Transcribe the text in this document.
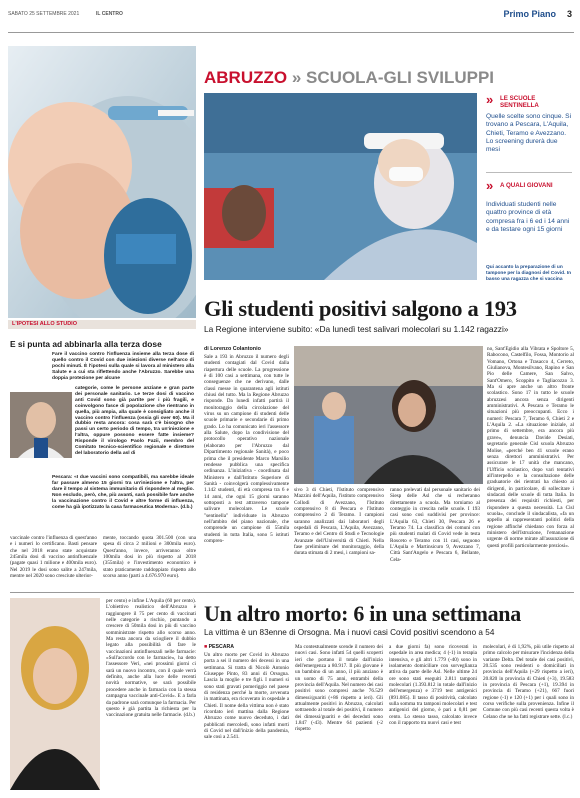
SABATO 25 SETTEMBRE 2021	IL CENTRO	Primo Piano 3
L'IPOTESI ALLO STUDIO
E si punta ad abbinarla alla terza dose
Fare il vaccino contro l'influenza insieme alla terza dose di quello contro il Covid con due iniezioni diverse nell'arco di pochi minuti. È l'ipotesi sulla quale si lavora al ministero alla Salute e a cui sta riflettendo anche l'Abruzzo. Sarebbe una doppia protezione per alcune
categorie, come le persone anziane e gran parte dei personale sanitario. Le terze dosi di vaccino anti Covid sono già partite per i più fragili, e coinvolgono fasce di popolazione che rientrano in quella, più ampia, alla quale è consigliato anche il vaccino contro l'influenza (ossia gli over 60). Ma il dubbio resta ancora: cosa sarà c'è bisogno che passi un certo periodo di tempo, tra un'iniezione e l'altra, oppure possono essere fatte insieme? Risponde il virologo Paolo Fazii, membro del Comitato tecnico-scientifico regionale e direttore del laboratorio della asl di
Pescara: «I due vaccini sono compatibili, ma sarebbe ideale far passare almeno 15 giorni tra un'iniezione e l'altra, per dare il tempo al sistema immunitario di rispondere al meglio. Non escludo, però, che, più avanti, sarà possibile fare anche la vaccinazione contro il Covid e altre forme di influenza, come ha già ipotizzato la casa farmaceutica Moderna». (d.b.)
vaccinale contro l'influenza di quest'anno e i numeri lo certificano. Basti pensare che nel 2018 erano state acquistate 245mila dosi di vaccino antinfluenzale (pagate quasi 1 milione e 400mila euro). Nel 2019 le dosi sono salite a 247mila, mentre nel 2020 sono cresciute ulterior-
mente, toccando quota 301.500 (con una spesa di circa 2 milioni e 300mila euro). Quest'anno, invece, arriveranno oltre 100mila dosi in più rispetto al 2018 (355mila) e l'investimento economico è stato praticamente raddoppiato rispetto allo scorso anno (parti a 4.676.970 euro).
ABRUZZO » SCUOLA-GLI SVILUPPI
» LE SCUOLE SENTINELLA
Quelle scelte sono cinque. Si trovano a Pescara, L'Aquila, Chieti, Teramo e Avezzano. Lo screening durerà due mesi
» A QUALI GIOVANI
Individuati studenti nelle quattro province di età compresa fra i 6 ed i 14 anni e da testare ogni 15 giorni
Qui accanto la preparazione di un tampone per la diagnosi del Covid. In basso una ragazza che si vaccina
Gli studenti positivi salgono a 193
La Regione interviene subito: «Da lunedì test salivari molecolari su 1.142 ragazzi»
di Lorenzo Colantonio
Sale a 193 in Abruzzo il numero degli studenti contagiati dal Covid dalla riapertura delle scuole. La progressione è di 100 casi a settimana, con tutte le conseguenze che ne derivano, dalle classi messe in quarantena agli istituti chiusi del tutto. Ma la Regione Abruzzo risponde. Da lunedì infatti partirà il monitoraggio della circolazione del virus su un campione di studenti delle scuole primarie e secondarie di primo grado. Lo ha comunicato ieri l'assessore alla Salute, dopo la condivisione del protocollo operativo nazionale (elaborato per l'Abruzzo dal Dipartimento regionale Sanità), e poco prima che il presidente Marco Marsilio rendesse pubblica una specifica ordinanza. L'iniziativa - coordinata dal Ministero e dall'Istituto Superiore di Sanità - coinvolgerà complessivamente 1.142 studenti, di età compresa tra 6 e 14 anni, che ogni 15 giorni saranno sottoposti a test attraverso tampone salivare molecolare. Le scuole "sentinella" individuate in Abruzzo nell'ambito del piano nazionale, che comprende un campione di 55mila studenti in tutta Italia, sono 5 istituti compren-
sivo 3 di Chieti, l'Istituto comprensivo Mazzini dell'Aquila, l'istituto comprensivo Collodi di Avezzano, l'Istituto comprensivo 8 di Pescara e l'Istituto comprensivo 2 di Teramo. I campioni saranno analizzati dai laboratori degli ospedali di Pescara, L'Aquila, Avezzano, Teramo e del Centro di Studi e Tecnologie Avanzate dell'Università di Chieti. Nella fase preliminare del monitoraggio, della durata stimata di 2 mesi, i campioni sa-
ranno prelevati dal personale sanitario dei Siesp delle Asl che si recheranno direttamente a scuola. Ma torniamo al conteggio in crescita nelle scuole. I 193 casi sono così suddivisi per province: L'Aquila 63, Chieti 30, Pescara 26 e Teramo 74. La classifica dei comuni con più studenti malati di Covid vede in testa Rosceto e Teramo con 11 casi, seguono L'Aquila e Martinsicuro 9, Avezzano 7, Città Sant'Angelo e Pescara 6, Bellante, Cela-
no, Sant'Egidio alla Vibrata e Spoltore 5, Rabocono, Castelfilo, Fossa, Montorio al Vomano, Ortona e Trasacco 4, Cerreto, Giulianova, Montesilvano, Rapino e San Pio delle Camere, San Salvo, Sant'Omero, Scoppito e Tagliacozzo 3. Ma si apre anche un altro fronte scolastico. Sono 17 in tutto le scuole abruzzesi ancora senza dirigenti amministrativi. A Pescara e Teramo le situazioni più preoccupanti. Ecco i numeri: Pescara 7, Teramo 6, Chieti 2 e L'Aquila 2. «La situazione iniziale, al primo di settembre, era ancora più grave», denuncia Davide Desiati, segretario generale Cisl scuola Abruzzo Molise, «perché ben 41 scuole erano senza direttori amministrativi. Per assicurare le 17 unità che mancano, l'Ufficio scolastico, dopo vari tentativi all'interpello e la consultazione delle graduatorie dei rientrati ha chiesto ai dirigenti, in particolare, di sollecitare i sindacati delle scuole di tutta Italia. In presenza dei requisiti richiesti, per rispondere a questa necessità. La Cisl scuola», conclude il sindacalista, «fa un appello ai rappresentanti politici della regione affinché chiedano con forza al ministero dell'Istruzione, l'emanazione urgente di norme mirate all'assunzione di questi profili particolarmente preziosi».
per cento) e infine L'Aquila (60 per cento). L'obiettivo realistico dell'Abruzzo è raggiungere il 75 per cento di vaccinati nelle categorie a rischio, puntando a crescere di 50mila dosi in più di vaccino somministrate rispetto allo scorso anno. Ma resta ancora da sciogliere il dubbio legato alla possibilità di fare le vaccinazioni antinfluenzali nelle farmacie: «Sull'accordo con le farmacie», ha detto l'assessore Verì, «nei prossimi giorni ci sarà un nuovo incontro, con il quale verrà definito, anche alla luce delle recenti novità normative, se sarà possibile procedere anche in farmacia con la stessa campagna vaccinale anti-Covid». E a farla da padrone sarà comunque la farmacia. Per questo è già partita la richiesta per la vaccinazione gratuita nelle farmacie. (d.b.)
Un altro morto: 6 in una settimana
La vittima è un 83enne di Orsogna. Ma i nuovi casi Covid positivi scendono a 54
■ PESCARA
Un altro morto per Covid in Abruzzo porta a sei il numero dei decessi in una settimana. Si tratta di Nicolò Antonio Giuseppe Pinto, 83 anni di Orsogna. Lascia la moglie e tre figli. I numeri si sono stati gravati pomeriggio nel paese di residenza perché la morte, avvenuta in mattinata, era ricoverato in ospedale a Chieti. Il nome della vittima non è stato ricordato ieri mattina dalla Regione Abruzzo come nuovo deceduto, i dati pubblicati mercoledì, sono infatti morti di Covid nel dall'inizio della pandemia, sale così a 2.541.
Ma contestualmente scende il numero dei nuovi casi. Sono infatti 54 quelli scoperti ieri che portano il totale dall'inizio dell'emergenza a 80.917. Il più giovane è un bambino di un anno, il più anziano è un uomo di 75 anni, entrambi della provincia dell'Aquila. Nel numero dei casi positivi sono compresi anche 76.529 dimessi/guariti (+86 rispetto a ieri). Gli attualmente positivi in Abruzzo, calcolati sottraendo al totale dei positivi, il numero dei dimessi/guariti e dei deceduti sono 1.847 (-43). Mentre 64 pazienti (-2 rispetto
a due giorni fa) sono ricoverati in ospedale in area medica; 4 (-1) in terapia intensiva, e gli altri 1.779 (-40) sono in isolamento domiciliare con sorveglianza attiva da parte delle Asl. Nelle ultime 24 ore sono stati eseguiti 2.811 tamponi molecolari (1.393.812 in totale dall'inizio dell'emergenza) e 3719 test antigenici (891.085). Il tasso di positività, calcolato sulla somma tra tamponi molecolari e test antigenici del giorno, è pari a 0,81 per cento. Lo stesso tasso, calcolato invece con il rapporto tra nuovi casi e test
molecolari, è di 1,92%, più utile rispetto al primo calcolo per misurare l'incidenza della variante Delta. Del totale dei casi positivi, 20.535 sono residenti o domiciliati in provincia dell'Aquila (+29 rispetto a ieri), 20.820 in provincia di Chieti (+3), 19.583 in provincia di Pescara (+1), 19.394 in provincia di Teramo (+21), 667 fuori regione (-1) e 120 (+1) per i quali sono in corso verifiche sulla provenienza. Infine il Comune con più casi recenti questa volta è Celano che ne ha fatti registrare sette. (l.c.)
